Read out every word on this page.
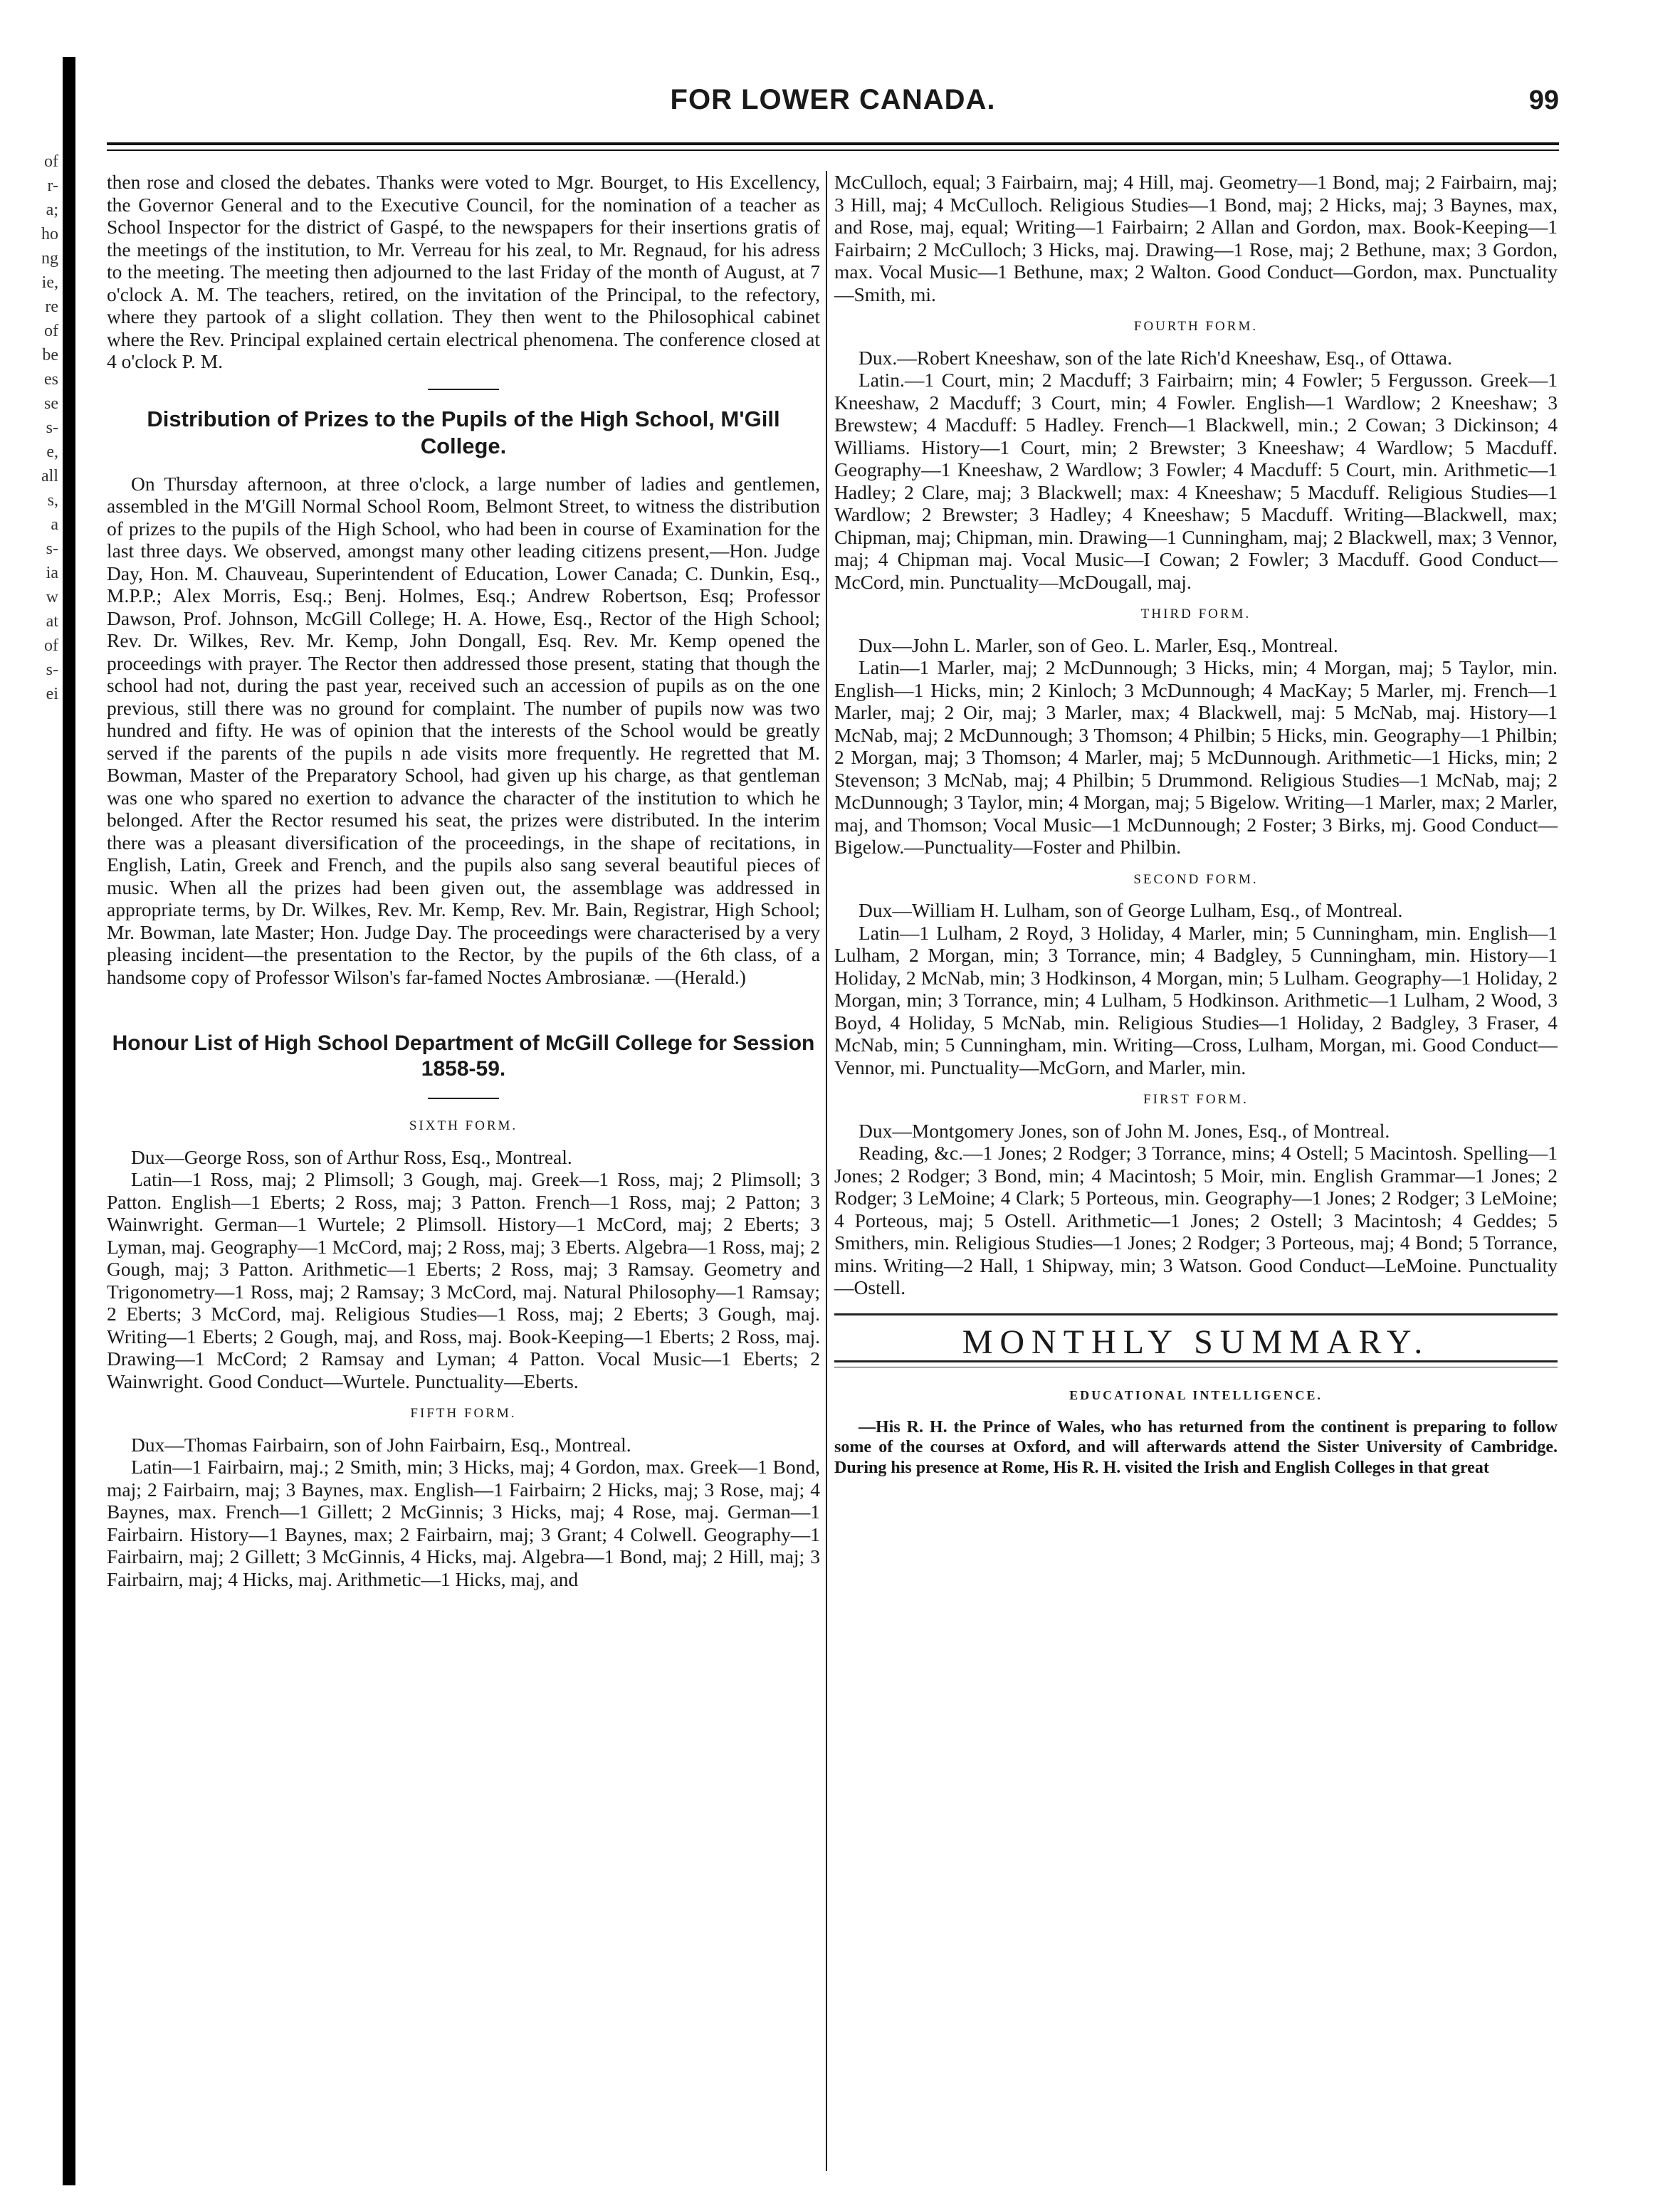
of
r-
a;
ho
ng
ie,
re
of
be
es
se
s-
e,
all
s,
a
s-
ia
w
at
of
s-
ei
FOR LOWER CANADA.	99

then rose and closed the debates. Thanks were voted to Mgr. Bourget, to His Excellency, the Governor General and to the Executive Council, for the nomination of a teacher as School Inspector for the district of Gaspé, to the newspapers for their insertions gratis of the meetings of the institution, to Mr. Verreau for his zeal, to Mr. Regnaud, for his adress to the meeting. The meeting then adjourned to the last Friday of the month of August, at 7 o'clock A. M. The teachers, retired, on the invitation of the Principal, to the refectory, where they partook of a slight collation. They then went to the Philosophical cabinet where the Rev. Principal explained certain electrical phenomena. The conference closed at 4 o'clock P. M.

Distribution of Prizes to the Pupils of the High School, M'Gill College.

On Thursday afternoon, at three o'clock, a large number of ladies and gentlemen, assembled in the M'Gill Normal School Room, Belmont Street, to witness the distribution of prizes to the pupils of the High School, who had been in course of Examination for the last three days. We observed, amongst many other leading citizens present,—Hon. Judge Day, Hon. M. Chauveau, Superintendent of Education, Lower Canada; C. Dunkin, Esq., M.P.P.; Alex Morris, Esq.; Benj. Holmes, Esq.; Andrew Robertson, Esq; Professor Dawson, Prof. Johnson, McGill College; H. A. Howe, Esq., Rector of the High School; Rev. Dr. Wilkes, Rev. Mr. Kemp, John Dongall, Esq. Rev. Mr. Kemp opened the proceedings with prayer. The Rector then addressed those present, stating that though the school had not, during the past year, received such an accession of pupils as on the one previous, still there was no ground for complaint. The number of pupils now was two hundred and fifty. He was of opinion that the interests of the School would be greatly served if the parents of the pupils n ade visits more frequently. He regretted that M. Bowman, Master of the Preparatory School, had given up his charge, as that gentleman was one who spared no exertion to advance the character of the institution to which he belonged. After the Rector resumed his seat, the prizes were distributed. In the interim there was a pleasant diversification of the proceedings, in the shape of recitations, in English, Latin, Greek and French, and the pupils also sang several beautiful pieces of music. When all the prizes had been given out, the assemblage was addressed in appropriate terms, by Dr. Wilkes, Rev. Mr. Kemp, Rev. Mr. Bain, Registrar, High School; Mr. Bowman, late Master; Hon. Judge Day. The proceedings were characterised by a very pleasing incident—the presentation to the Rector, by the pupils of the 6th class, of a handsome copy of Professor Wilson's far-famed Noctes Ambrosianæ. —(Herald.)

Honour List of High School Department of McGill College for Session 1858-59.
SIXTH FORM.

Dux—George Ross, son of Arthur Ross, Esq., Montreal.

Latin—1 Ross, maj; 2 Plimsoll; 3 Gough, maj. Greek—1 Ross, maj; 2 Plimsoll; 3 Patton. English—1 Eberts; 2 Ross, maj; 3 Patton. French—1 Ross, maj; 2 Patton; 3 Wainwright. German—1 Wurtele; 2 Plimsoll. History—1 McCord, maj; 2 Eberts; 3 Lyman, maj. Geography—1 McCord, maj; 2 Ross, maj; 3 Eberts. Algebra—1 Ross, maj; 2 Gough, maj; 3 Patton. Arithmetic—1 Eberts; 2 Ross, maj; 3 Ramsay. Geometry and Trigonometry—1 Ross, maj; 2 Ramsay; 3 McCord, maj. Natural Philosophy—1 Ramsay; 2 Eberts; 3 McCord, maj. Religious Studies—1 Ross, maj; 2 Eberts; 3 Gough, maj. Writing—1 Eberts; 2 Gough, maj, and Ross, maj. Book-Keeping—1 Eberts; 2 Ross, maj. Drawing—1 McCord; 2 Ramsay and Lyman; 4 Patton. Vocal Music—1 Eberts; 2 Wainwright. Good Conduct—Wurtele. Punctuality—Eberts.

FIFTH FORM.

Dux—Thomas Fairbairn, son of John Fairbairn, Esq., Montreal.

Latin—1 Fairbairn, maj.; 2 Smith, min; 3 Hicks, maj; 4 Gordon, max. Greek—1 Bond, maj; 2 Fairbairn, maj; 3 Baynes, max. English—1 Fairbairn; 2 Hicks, maj; 3 Rose, maj; 4 Baynes, max. French—1 Gillett; 2 McGinnis; 3 Hicks, maj; 4 Rose, maj. German—1 Fairbairn. History—1 Baynes, max; 2 Fairbairn, maj; 3 Grant; 4 Colwell. Geography—1 Fairbairn, maj; 2 Gillett; 3 McGinnis, 4 Hicks, maj. Algebra—1 Bond, maj; 2 Hill, maj; 3 Fairbairn, maj; 4 Hicks, maj. Arithmetic—1 Hicks, maj, and

McCulloch, equal; 3 Fairbairn, maj; 4 Hill, maj. Geometry—1 Bond, maj; 2 Fairbairn, maj; 3 Hill, maj; 4 McCulloch. Religious Studies—1 Bond, maj; 2 Hicks, maj; 3 Baynes, max, and Rose, maj, equal; Writing—1 Fairbairn; 2 Allan and Gordon, max. Book-Keeping—1 Fairbairn; 2 McCulloch; 3 Hicks, maj. Drawing—1 Rose, maj; 2 Bethune, max; 3 Gordon, max. Vocal Music—1 Bethune, max; 2 Walton. Good Conduct—Gordon, max. Punctuality—Smith, mi.

FOURTH FORM.

Dux.—Robert Kneeshaw, son of the late Rich'd Kneeshaw, Esq., of Ottawa.

Latin.—1 Court, min; 2 Macduff; 3 Fairbairn; min; 4 Fowler; 5 Fergusson. Greek—1 Kneeshaw, 2 Macduff; 3 Court, min; 4 Fowler. English—1 Wardlow; 2 Kneeshaw; 3 Brewstew; 4 Macduff: 5 Hadley. French—1 Blackwell, min.; 2 Cowan; 3 Dickinson; 4 Williams. History—1 Court, min; 2 Brewster; 3 Kneeshaw; 4 Wardlow; 5 Macduff. Geography—1 Kneeshaw, 2 Wardlow; 3 Fowler; 4 Macduff: 5 Court, min. Arithmetic—1 Hadley; 2 Clare, maj; 3 Blackwell; max: 4 Kneeshaw; 5 Macduff. Religious Studies—1 Wardlow; 2 Brewster; 3 Hadley; 4 Kneeshaw; 5 Macduff. Writing—Blackwell, max; Chipman, maj; Chipman, min. Drawing—1 Cunningham, maj; 2 Blackwell, max; 3 Vennor, maj; 4 Chipman maj. Vocal Music—I Cowan; 2 Fowler; 3 Macduff. Good Conduct—McCord, min. Punctuality—McDougall, maj.

THIRD FORM.

Dux—John L. Marler, son of Geo. L. Marler, Esq., Montreal.

Latin—1 Marler, maj; 2 McDunnough; 3 Hicks, min; 4 Morgan, maj; 5 Taylor, min. English—1 Hicks, min; 2 Kinloch; 3 McDunnough; 4 MacKay; 5 Marler, mj. French—1 Marler, maj; 2 Oir, maj; 3 Marler, max; 4 Blackwell, maj: 5 McNab, maj. History—1 McNab, maj; 2 McDunnough; 3 Thomson; 4 Philbin; 5 Hicks, min. Geography—1 Philbin; 2 Morgan, maj; 3 Thomson; 4 Marler, maj; 5 McDunnough. Arithmetic—1 Hicks, min; 2 Stevenson; 3 McNab, maj; 4 Philbin; 5 Drummond. Religious Studies—1 McNab, maj; 2 McDunnough; 3 Taylor, min; 4 Morgan, maj; 5 Bigelow. Writing—1 Marler, max; 2 Marler, maj, and Thomson; Vocal Music—1 McDunnough; 2 Foster; 3 Birks, mj. Good Conduct—Bigelow.—Punctuality—Foster and Philbin.

SECOND FORM.

Dux—William H. Lulham, son of George Lulham, Esq., of Montreal.

Latin—1 Lulham, 2 Royd, 3 Holiday, 4 Marler, min; 5 Cunningham, min. English—1 Lulham, 2 Morgan, min; 3 Torrance, min; 4 Badgley, 5 Cunningham, min. History—1 Holiday, 2 McNab, min; 3 Hodkinson, 4 Morgan, min; 5 Lulham. Geography—1 Holiday, 2 Morgan, min; 3 Torrance, min; 4 Lulham, 5 Hodkinson. Arithmetic—1 Lulham, 2 Wood, 3 Boyd, 4 Holiday, 5 McNab, min. Religious Studies—1 Holiday, 2 Badgley, 3 Fraser, 4 McNab, min; 5 Cunningham, min. Writing—Cross, Lulham, Morgan, mi. Good Conduct—Vennor, mi. Punctuality—McGorn, and Marler, min.

FIRST FORM.

Dux—Montgomery Jones, son of John M. Jones, Esq., of Montreal.

Reading, &c.—1 Jones; 2 Rodger; 3 Torrance, mins; 4 Ostell; 5 Macintosh. Spelling—1 Jones; 2 Rodger; 3 Bond, min; 4 Macintosh; 5 Moir, min. English Grammar—1 Jones; 2 Rodger; 3 LeMoine; 4 Clark; 5 Porteous, min. Geography—1 Jones; 2 Rodger; 3 LeMoine; 4 Porteous, maj; 5 Ostell. Arithmetic—1 Jones; 2 Ostell; 3 Macintosh; 4 Geddes; 5 Smithers, min. Religious Studies—1 Jones; 2 Rodger; 3 Porteous, maj; 4 Bond; 5 Torrance, mins. Writing—2 Hall, 1 Shipway, min; 3 Watson. Good Conduct—LeMoine. Punctuality—Ostell.

MONTHLY SUMMARY.
EDUCATIONAL INTELLIGENCE.

—His R. H. the Prince of Wales, who has returned from the continent is preparing to follow some of the courses at Oxford, and will afterwards attend the Sister University of Cambridge. During his presence at Rome, His R. H. visited the Irish and English Colleges in that great
